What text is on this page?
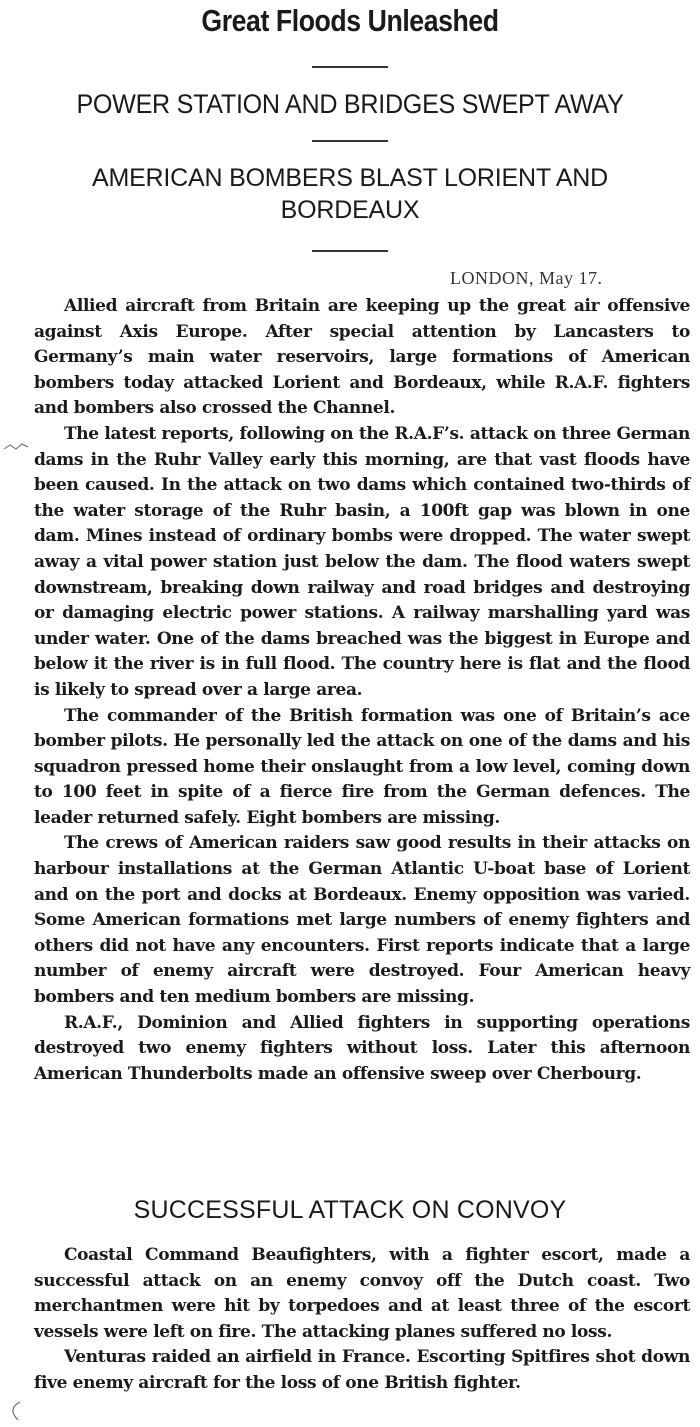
Great Floods Unleashed
POWER STATION AND BRIDGES SWEPT AWAY
AMERICAN BOMBERS BLAST LORIENT AND BORDEAUX
LONDON, May 17.

Allied aircraft from Britain are keeping up the great air offensive against Axis Europe. After special attention by Lancasters to Germany’s main water reservoirs, large formations of American bombers today attacked Lorient and Bordeaux, while R.A.F. fighters and bombers also crossed the Channel.

The latest reports, following on the R.A.F’s. attack on three German dams in the Ruhr Valley early this morning, are that vast floods have been caused. In the attack on two dams which contained two-thirds of the water storage of the Ruhr basin, a 100ft gap was blown in one dam. Mines instead of ordinary bombs were dropped. The water swept away a vital power station just below the dam. The flood waters swept downstream, breaking down railway and road bridges and destroying or damaging electric power stations. A railway marshalling yard was under water. One of the dams breached was the biggest in Europe and below it the river is in full flood. The country here is flat and the flood is likely to spread over a large area.

The commander of the British formation was one of Britain’s ace bomber pilots. He personally led the attack on one of the dams and his squadron pressed home their onslaught from a low level, coming down to 100 feet in spite of a fierce fire from the German defences. The leader returned safely. Eight bombers are missing.

The crews of American raiders saw good results in their attacks on harbour installations at the German Atlantic U-boat base of Lorient and on the port and docks at Bordeaux. Enemy opposition was varied. Some American formations met large numbers of enemy fighters and others did not have any encounters. First reports indicate that a large number of enemy aircraft were destroyed. Four American heavy bombers and ten medium bombers are missing.

R.A.F., Dominion and Allied fighters in supporting operations destroyed two enemy fighters without loss. Later this afternoon American Thunderbolts made an offensive sweep over Cherbourg.

SUCCESSFUL ATTACK ON CONVOY

Coastal Command Beaufighters, with a fighter escort, made a successful attack on an enemy convoy off the Dutch coast. Two merchantmen were hit by torpedoes and at least three of the escort vessels were left on fire. The attacking planes suffered no loss.

Venturas raided an airfield in France. Escorting Spitfires shot down five enemy aircraft for the loss of one British fighter.
